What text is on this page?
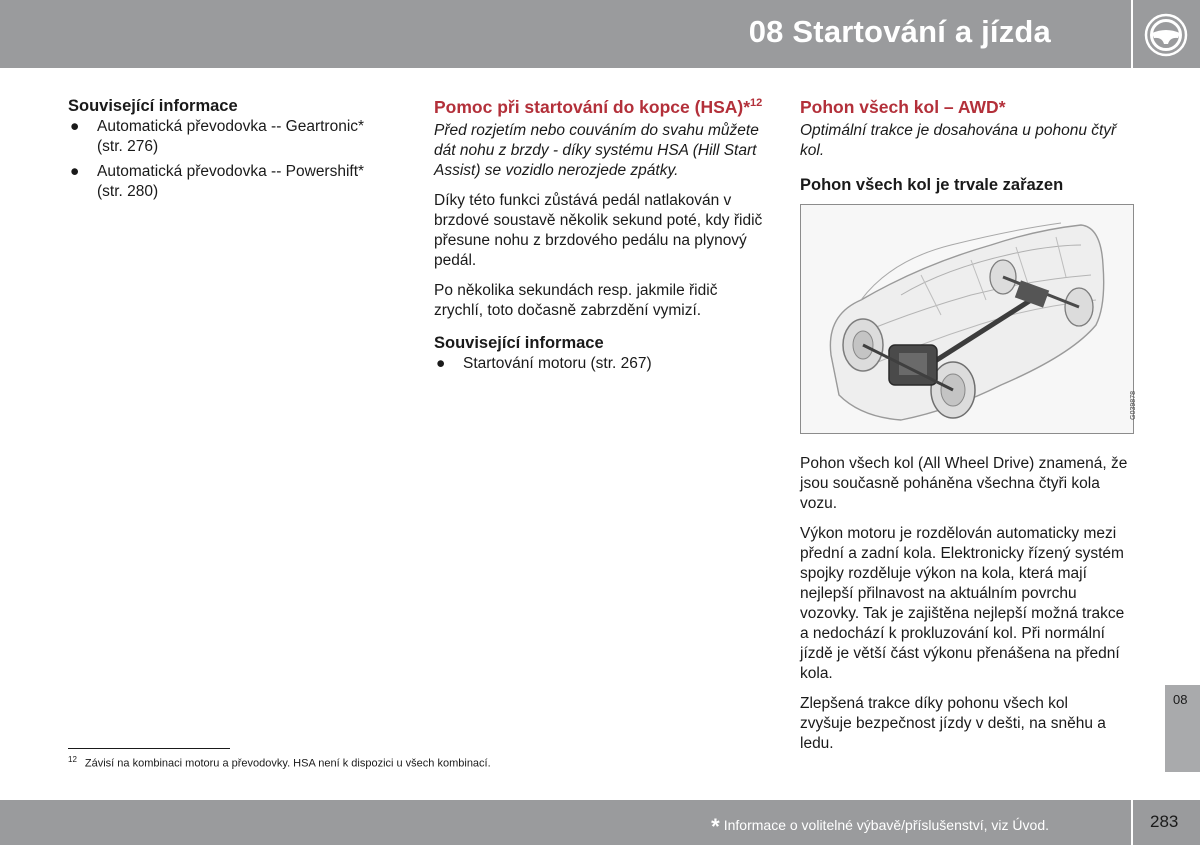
08 Startování a jízda
Související informace
● Automatická převodovka -- Geartronic* (str. 276)
● Automatická převodovka -- Powershift* (str. 280)
Pomoc při startování do kopce (HSA)*$^{12}$

Před rozjetím nebo couváním do svahu můžete dát nohu z brzdy - díky systému HSA (Hill Start Assist) se vozidlo nerozjede zpátky.

Díky této funkci zůstává pedál natlakován v brzdové soustavě několik sekund poté, kdy řidič přesune nohu z brzdového pedálu na plynový pedál.

Po několika sekundách resp. jakmile řidič zrychlí, toto dočasně zabrzdění vymizí.

Související informace
● Startování motoru (str. 267)
Pohon všech kol – AWD*

Optimální trakce je dosahována u pohonu čtyř kol.

Pohon všech kol je trvale zařazen
G039878

Pohon všech kol (All Wheel Drive) znamená, že jsou současně poháněna všechna čtyři kola vozu.

Výkon motoru je rozdělován automaticky mezi přední a zadní kola. Elektronicky řízený systém spojky rozděluje výkon na kola, která mají nejlepší přilnavost na aktuálním povrchu vozovky. Tak je zajištěna nejlepší možná trakce a nedochází k prokluzování kol. Při normální jízdě je větší část výkonu přenášena na přední kola.

Zlepšená trakce díky pohonu všech kol zvyšuje bezpečnost jízdy v dešti, na sněhu a ledu.

$^{12}$ Závisí na kombinaci motoru a převodovky. HSA není k dispozici u všech kombinací.
08
* Informace o volitelné výbavě/příslušenství, viz Úvod.	283
